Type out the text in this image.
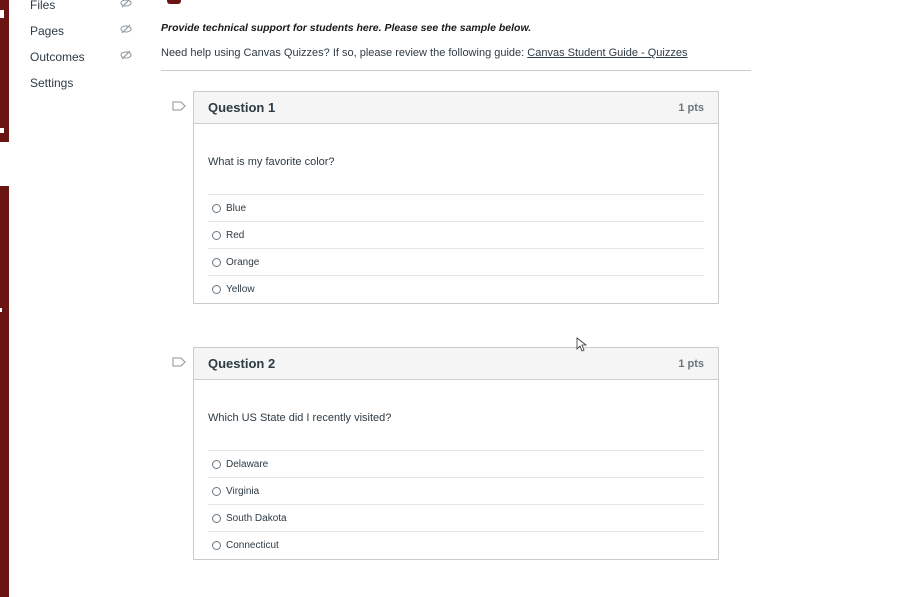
Files
Pages
Outcomes
Settings
Provide technical support for students here. Please see the sample below.
Need help using Canvas Quizzes? If so, please review the following guide: Canvas Student Guide - Quizzes
Question 1	1 pts
What is my favorite color?
Blue
Red
Orange
Yellow
Question 2	1 pts
Which US State did I recently visited?
Delaware
Virginia
South Dakota
Connecticut
